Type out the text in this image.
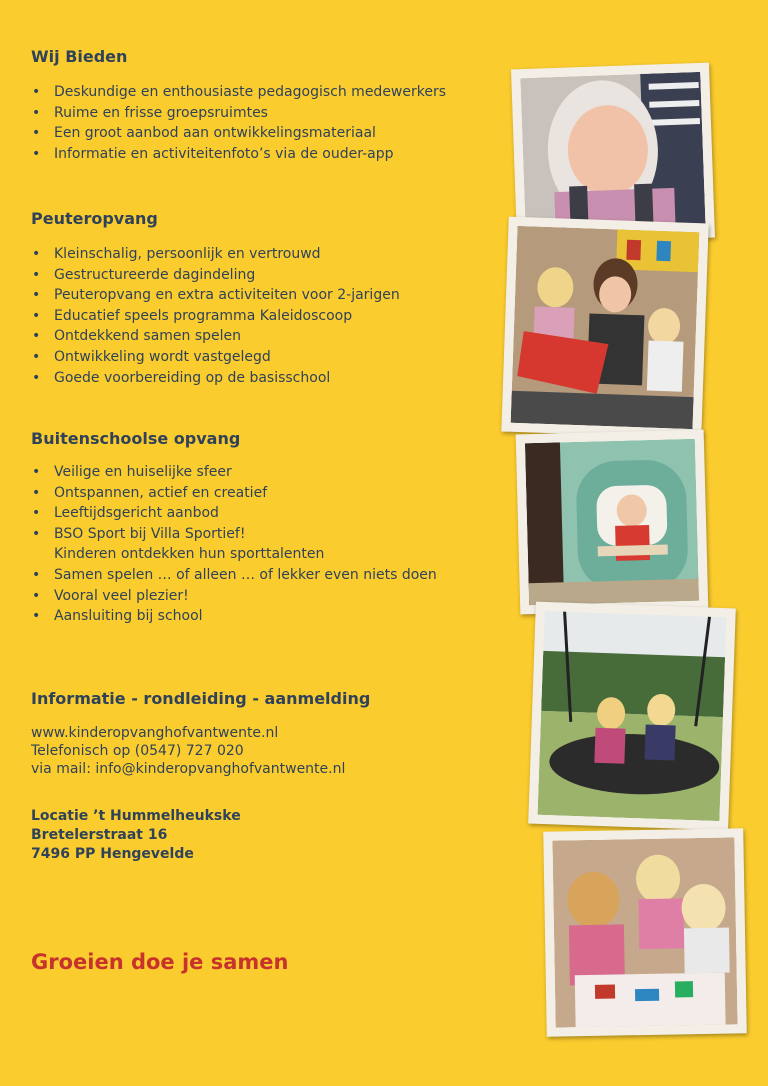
Wij Bieden
• Deskundige en enthousiaste pedagogisch medewerkers
• Ruime en frisse groepsruimtes
• Een groot aanbod aan ontwikkelingsmateriaal
• Informatie en activiteitenfoto’s via de ouder-app
Peuteropvang
• Kleinschalig, persoonlijk en vertrouwd
• Gestructureerde dagindeling
• Peuteropvang en extra activiteiten voor 2-jarigen
• Educatief speels programma Kaleidoscoop
• Ontdekkend samen spelen
• Ontwikkeling wordt vastgelegd
• Goede voorbereiding op de basisschool
Buitenschoolse opvang
• Veilige en huiselijke sfeer
• Ontspannen, actief en creatief
• Leeftijdsgericht aanbod
• BSO Sport bij Villa Sportief!
Kinderen ontdekken hun sporttalenten
• Samen spelen … of alleen … of lekker even niets doen
• Vooral veel plezier!
• Aansluiting bij school
Informatie - rondleiding - aanmelding
www.kinderopvanghofvantwente.nl
Telefonisch op (0547) 727 020
via mail: info@kinderopvanghofvantwente.nl
Locatie ’t Hummelheukske
Bretelerstraat 16
7496 PP Hengevelde
Groeien doe je samen
